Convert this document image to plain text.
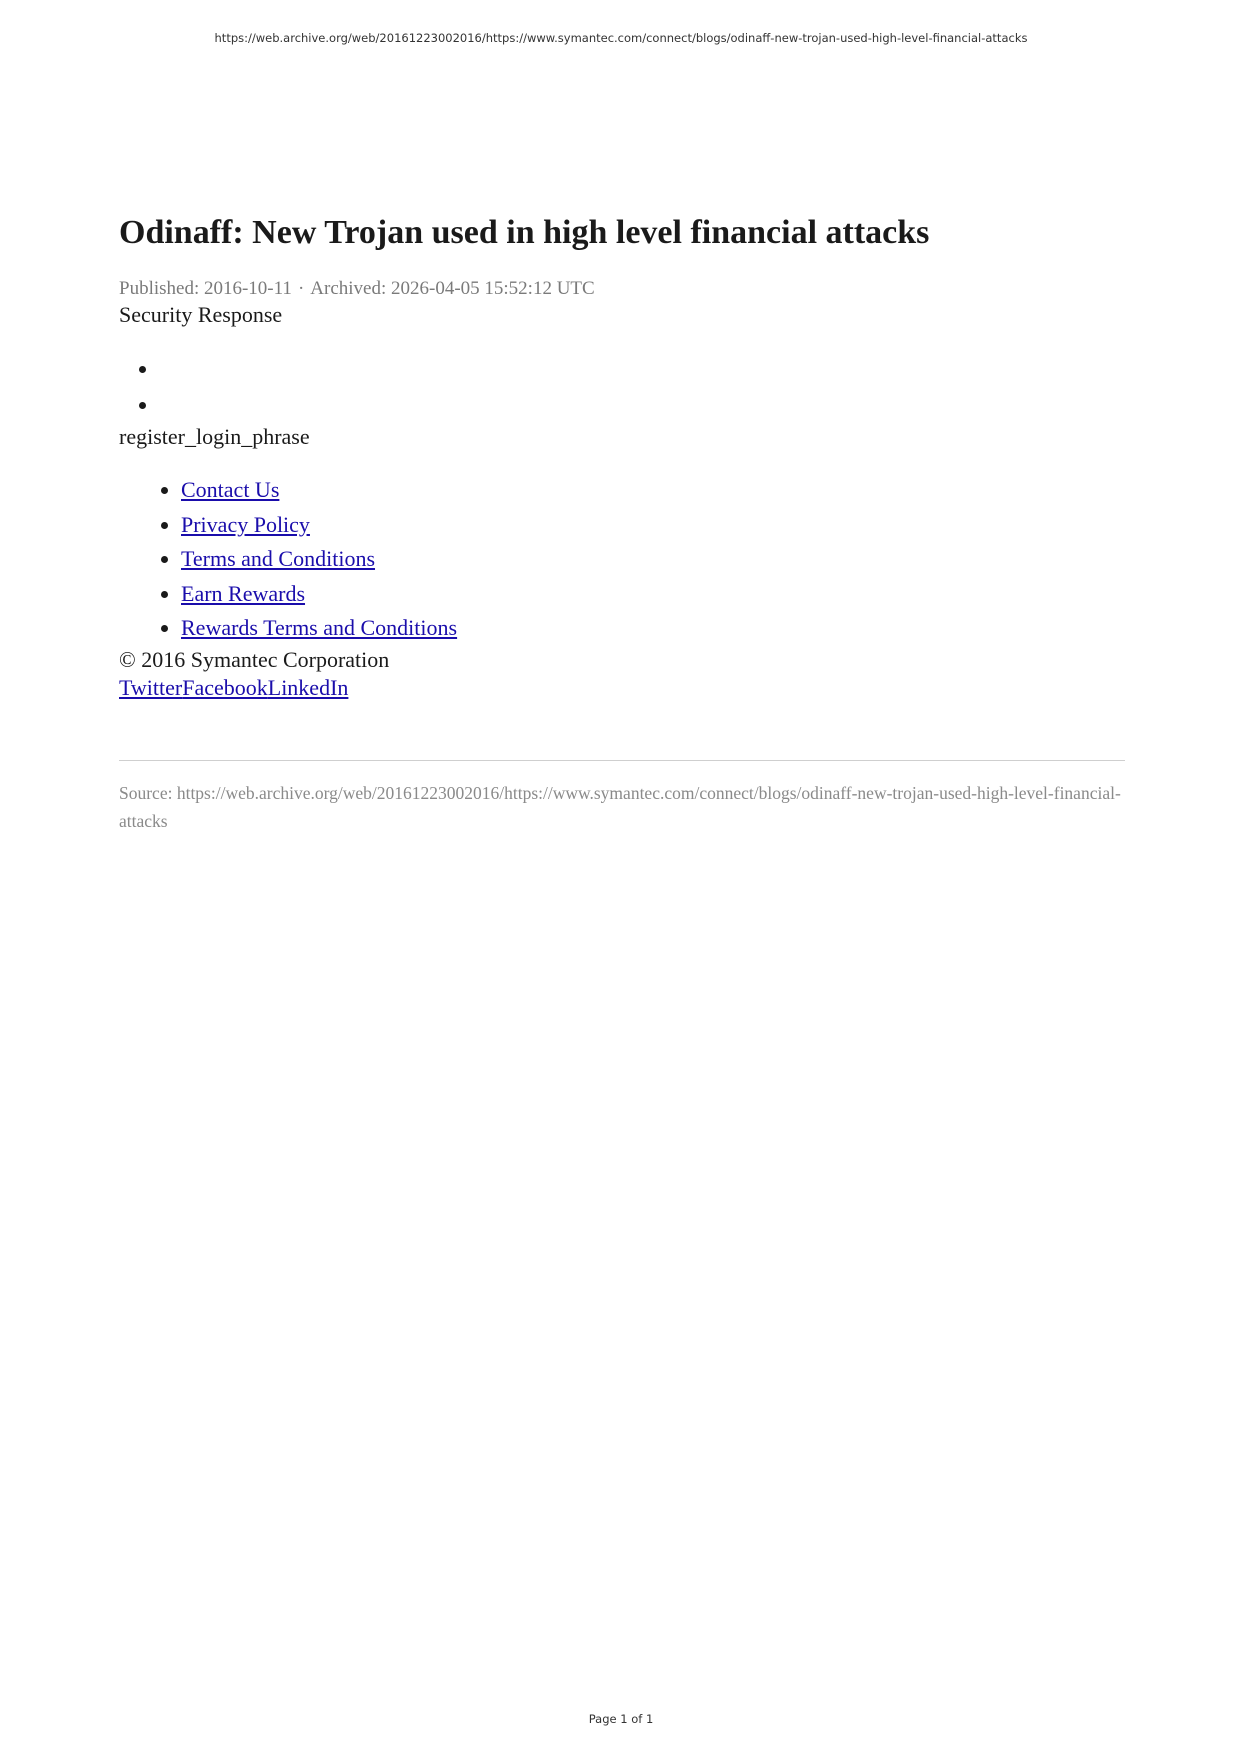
https://web.archive.org/web/20161223002016/https://www.symantec.com/connect/blogs/odinaff-new-trojan-used-high-level-financial-attacks
Odinaff: New Trojan used in high level financial attacks
Published: 2016-10-11 · Archived: 2026-04-05 15:52:12 UTC

Security Response

•
•

register_login_phrase

• Contact Us
• Privacy Policy
• Terms and Conditions
• Earn Rewards
• Rewards Terms and Conditions

© 2016 Symantec Corporation

TwitterFacebookLinkedIn

Source: https://web.archive.org/web/20161223002016/https://www.symantec.com/connect/blogs/odinaff-new-trojan-used-high-level-financial-attacks
Page 1 of 1
